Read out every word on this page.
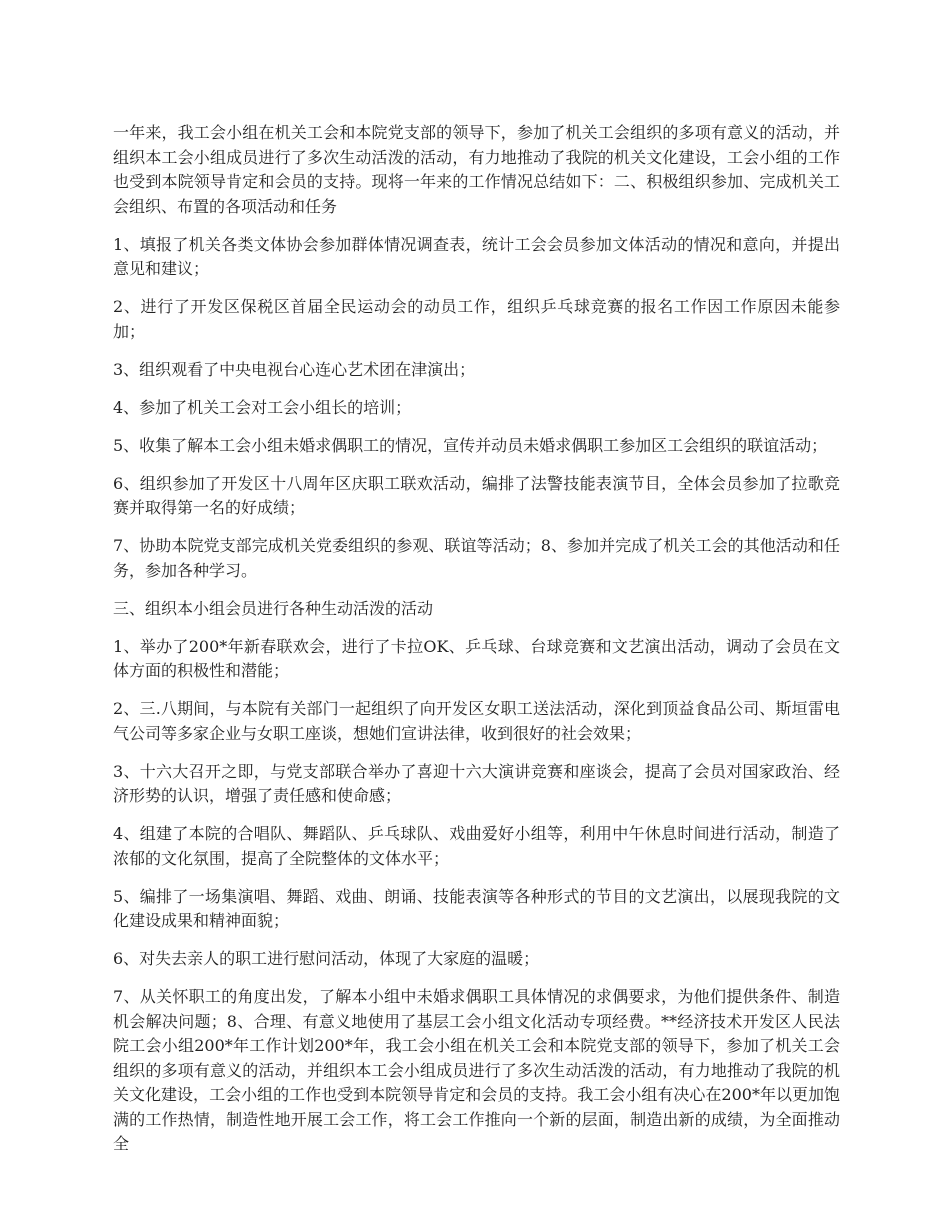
一年来，我工会小组在机关工会和本院党支部的领导下，参加了机关工会组织的多项有意义的活动，并组织本工会小组成员进行了多次生动活泼的活动，有力地推动了我院的机关文化建设，工会小组的工作也受到本院领导肯定和会员的支持。现将一年来的工作情况总结如下：二、积极组织参加、完成机关工会组织、布置的各项活动和任务

1、填报了机关各类文体协会参加群体情况调查表，统计工会会员参加文体活动的情况和意向，并提出意见和建议；

2、进行了开发区保税区首届全民运动会的动员工作，组织乒乓球竞赛的报名工作因工作原因未能参加；

3、组织观看了中央电视台心连心艺术团在津演出；

4、参加了机关工会对工会小组长的培训；

5、收集了解本工会小组未婚求偶职工的情况，宣传并动员未婚求偶职工参加区工会组织的联谊活动；

6、组织参加了开发区十八周年区庆职工联欢活动，编排了法警技能表演节目，全体会员参加了拉歌竞赛并取得第一名的好成绩；

7、协助本院党支部完成机关党委组织的参观、联谊等活动；8、参加并完成了机关工会的其他活动和任务，参加各种学习。

三、组织本小组会员进行各种生动活泼的活动

1、举办了200*年新春联欢会，进行了卡拉OK、乒乓球、台球竞赛和文艺演出活动，调动了会员在文体方面的积极性和潜能；

2、三.八期间，与本院有关部门一起组织了向开发区女职工送法活动，深化到顶益食品公司、斯垣雷电气公司等多家企业与女职工座谈，想她们宣讲法律，收到很好的社会效果；

3、十六大召开之即，与党支部联合举办了喜迎十六大演讲竞赛和座谈会，提高了会员对国家政治、经济形势的认识，增强了责任感和使命感；

4、组建了本院的合唱队、舞蹈队、乒乓球队、戏曲爱好小组等，利用中午休息时间进行活动，制造了浓郁的文化氛围，提高了全院整体的文体水平；

5、编排了一场集演唱、舞蹈、戏曲、朗诵、技能表演等各种形式的节目的文艺演出，以展现我院的文化建设成果和精神面貌；

6、对失去亲人的职工进行慰问活动，体现了大家庭的温暖；

7、从关怀职工的角度出发，了解本小组中未婚求偶职工具体情况的求偶要求，为他们提供条件、制造机会解决问题；8、合理、有意义地使用了基层工会小组文化活动专项经费。**经济技术开发区人民法院工会小组200*年工作计划200*年，我工会小组在机关工会和本院党支部的领导下，参加了机关工会组织的多项有意义的活动，并组织本工会小组成员进行了多次生动活泼的活动，有力地推动了我院的机关文化建设，工会小组的工作也受到本院领导肯定和会员的支持。我工会小组有决心在200*年以更加饱满的工作热情，制造性地开展工会工作，将工会工作推向一个新的层面，制造出新的成绩，为全面推动全
